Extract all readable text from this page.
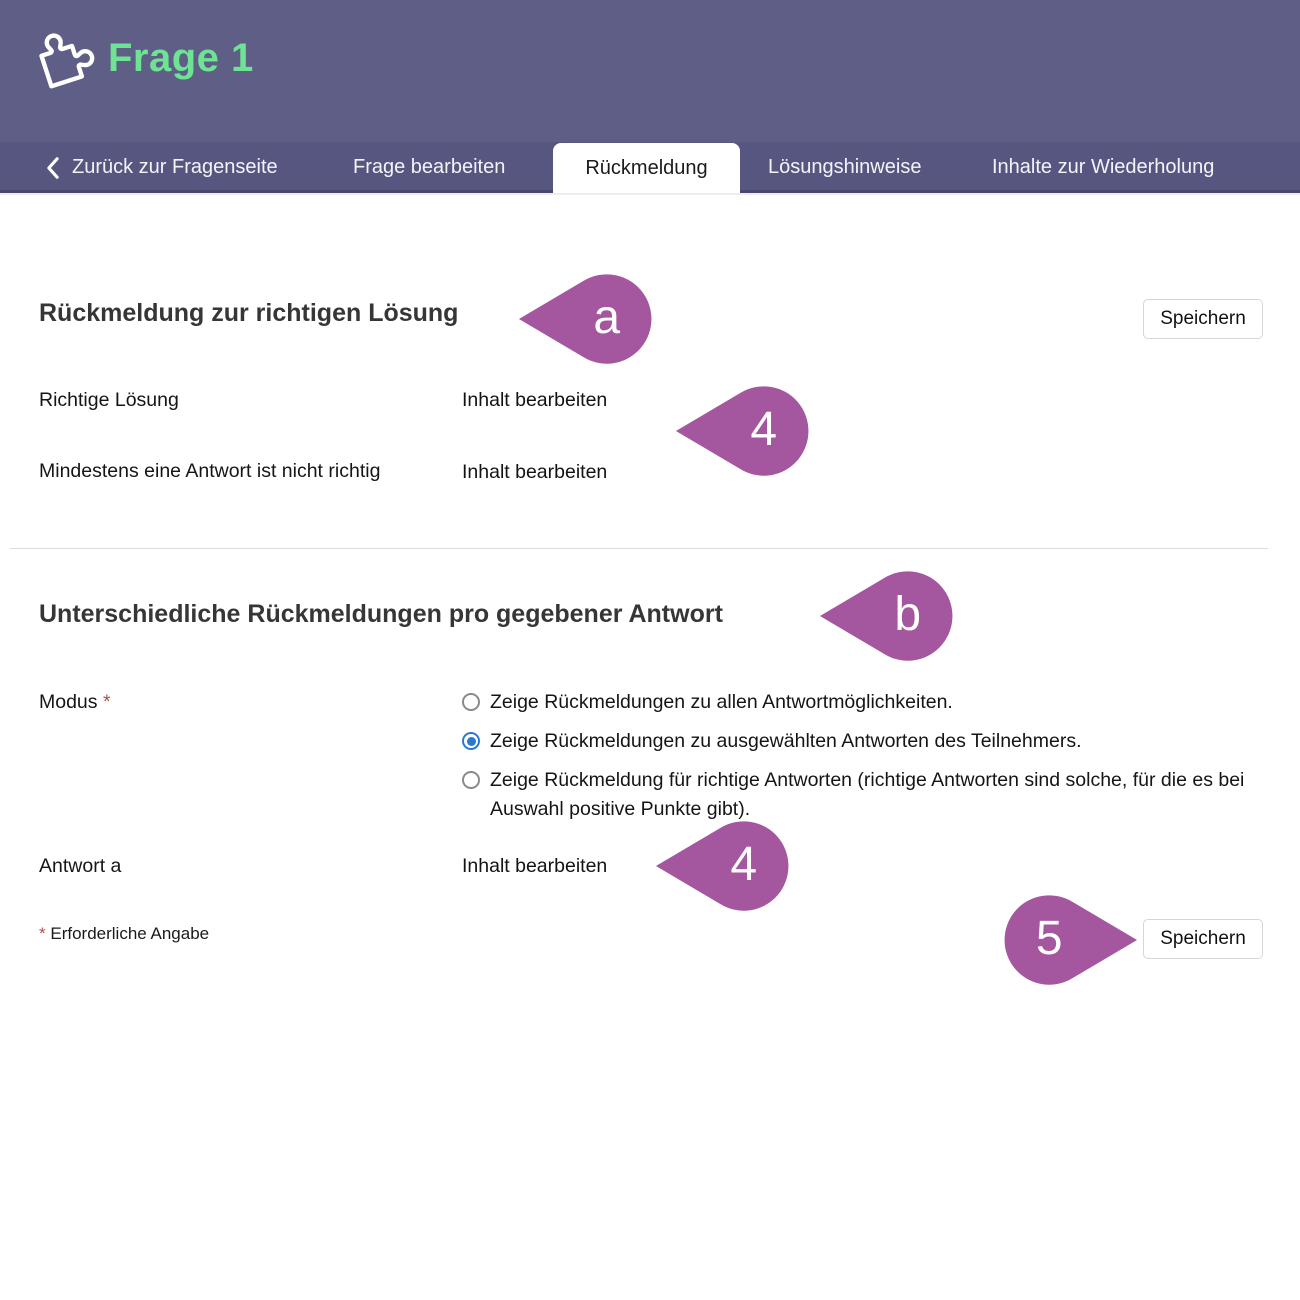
Frage 1
Zurück zur Fragenseite	Frage bearbeiten	Rückmeldung	Lösungshinweise	Inhalte zur Wiederholung
Rückmeldung zur richtigen Lösung	Speichern
Richtige Lösung	Inhalt bearbeiten
Mindestens eine Antwort ist nicht richtig	Inhalt bearbeiten
Unterschiedliche Rückmeldungen pro gegebener Antwort
Modus *	Zeige Rückmeldungen zu allen Antwortmöglichkeiten.
Zeige Rückmeldungen zu ausgewählten Antworten des Teilnehmers.
Zeige Rückmeldung für richtige Antworten (richtige Antworten sind solche, für die es bei Auswahl positive Punkte gibt).
Antwort a	Inhalt bearbeiten
* Erforderliche Angabe	Speichern
a
4
b
4
5
